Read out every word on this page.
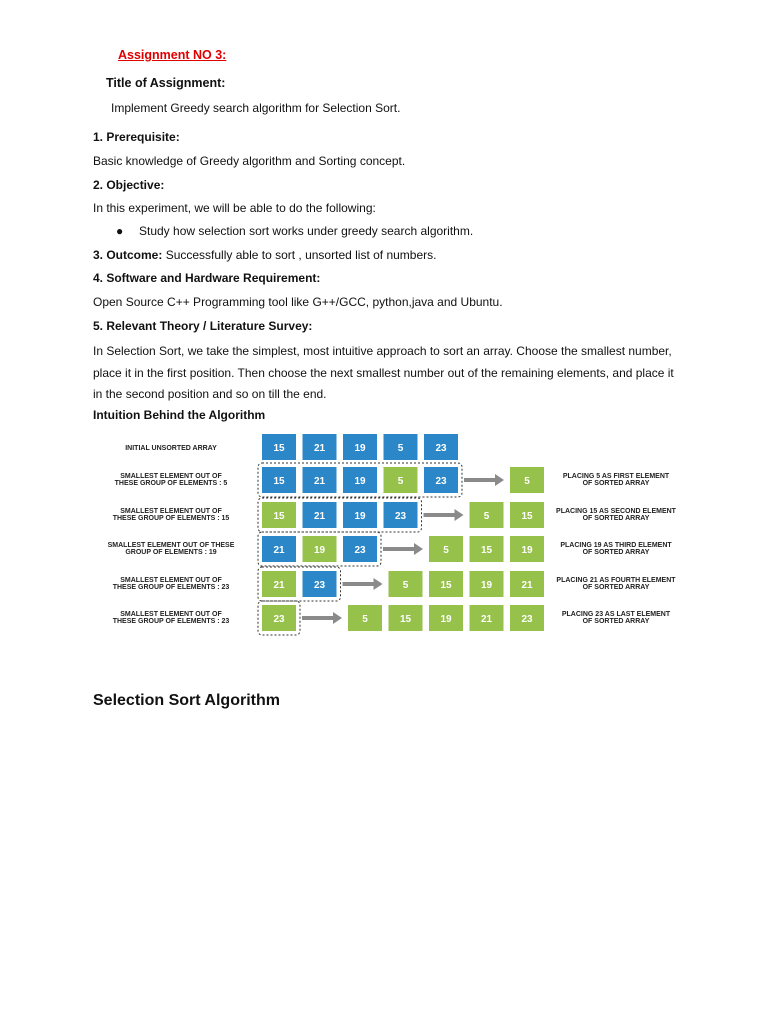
Assignment NO 3:
Title of Assignment:
Implement Greedy search algorithm for Selection Sort.
1. Prerequisite:
Basic knowledge of Greedy algorithm and Sorting concept.
2. Objective:
In this experiment, we will be able to do the following:
● Study how selection sort works under greedy search algorithm.
3. Outcome: Successfully able to sort , unsorted list of numbers.
4. Software and Hardware Requirement:
Open Source C++ Programming tool like G++/GCC, python,java and Ubuntu.
5. Relevant Theory / Literature Survey:
In Selection Sort, we take the simplest, most intuitive approach to sort an array. Choose the smallest number, place it in the first position. Then choose the next smallest number out of the remaining elements, and place it in the second position and so on till the end.
Intuition Behind the Algorithm
INITIAL UNSORTED ARRAY	15	21	19	5	23
SMALLEST ELEMENT OUT OF
THESE GROUP OF ELEMENTS : 5	15	21	19	5	23	5	PLACING 5 AS FIRST ELEMENT
OF SORTED ARRAY
SMALLEST ELEMENT OUT OF
THESE GROUP OF ELEMENTS : 15	15	21	19	23	5	15	PLACING 15 AS SECOND ELEMENT
OF SORTED ARRAY
SMALLEST ELEMENT OUT OF THESE
GROUP OF ELEMENTS : 19	21	19	23	5	15	19	PLACING 19 AS THIRD ELEMENT
OF SORTED ARRAY
SMALLEST ELEMENT OUT OF
THESE GROUP OF ELEMENTS : 23	21	23	5	15	19	21	PLACING 21 AS FOURTH ELEMENT
OF SORTED ARRAY
SMALLEST ELEMENT OUT OF
THESE GROUP OF ELEMENTS : 23	23	5	15	19	21	23	PLACING 23 AS LAST ELEMENT
OF SORTED ARRAY
Selection Sort Algorithm
